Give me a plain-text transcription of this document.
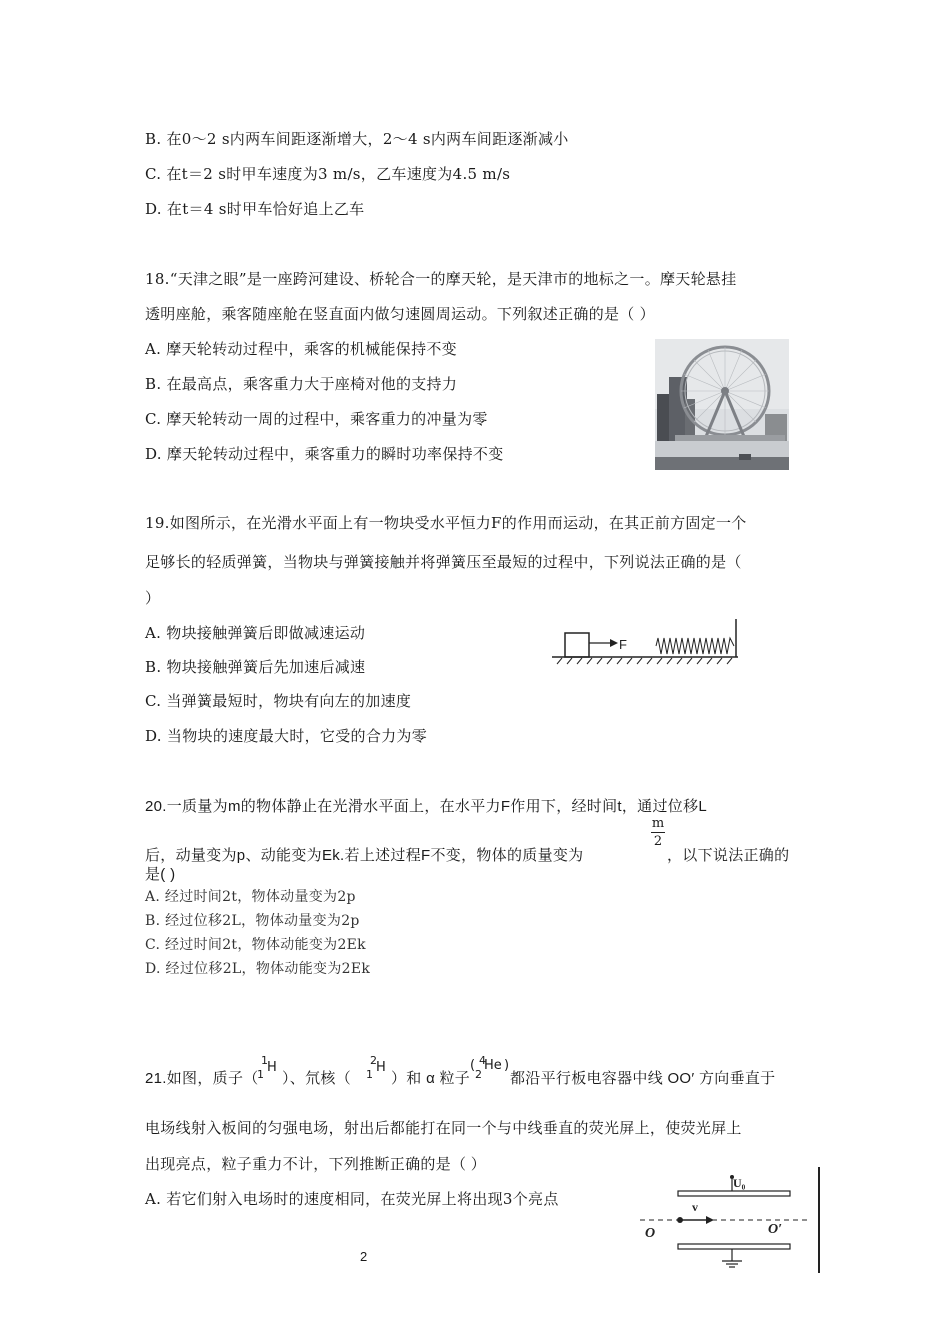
B. 在0～2 s内两车间距逐渐增大，2～4 s内两车间距逐渐减小
C. 在t＝2 s时甲车速度为3 m/s，乙车速度为4.5 m/s
D. 在t＝4 s时甲车恰好追上乙车
18.“天津之眼”是一座跨河建设、桥轮合一的摩天轮，是天津市的地标之一。摩天轮悬挂
透明座舱，乘客随座舱在竖直面内做匀速圆周运动。下列叙述正确的是（ ）
A. 摩天轮转动过程中，乘客的机械能保持不变
B. 在最高点，乘客重力大于座椅对他的支持力
C. 摩天轮转动一周的过程中，乘客重力的冲量为零
D. 摩天轮转动过程中，乘客重力的瞬时功率保持不变
19.如图所示，在光滑水平面上有一物块受水平恒力F的作用而运动，在其正前方固定一个
足够长的轻质弹簧，当物块与弹簧接触并将弹簧压至最短的过程中，下列说法正确的是（
）
A. 物块接触弹簧后即做减速运动
B. 物块接触弹簧后先加速后减速
C. 当弹簧最短时，物块有向左的加速度
D. 当物块的速度最大时，它受的合力为零
F
20.一质量为m的物体静止在光滑水平面上，在水平力F作用下，经时间t，通过位移L
后，动量变为p、动能变为Ek.若上述过程F不变，物体的质量变为
m
2
，以下说法正确的
是( )
A. 经过时间2t，物体动量变为2p
B. 经过位移2L，物体动量变为2p
C. 经过时间2t，物体动能变为2Ek
D. 经过位移2L，物体动能变为2Ek
21.如图，质子（
1
1 H
）、氘核（
2
1 H
）和 α 粒子
( 4
2
He )
都沿平行板电容器中线 OO′ 方向垂直于
电场线射入板间的匀强电场，射出后都能打在同一个与中线垂直的荧光屏上，使荧光屏上
出现亮点，粒子重力不计，下列推断正确的是（ ）
A. 若它们射入电场时的速度相同，在荧光屏上将出现3个亮点
U₀
v
O	O′
2
